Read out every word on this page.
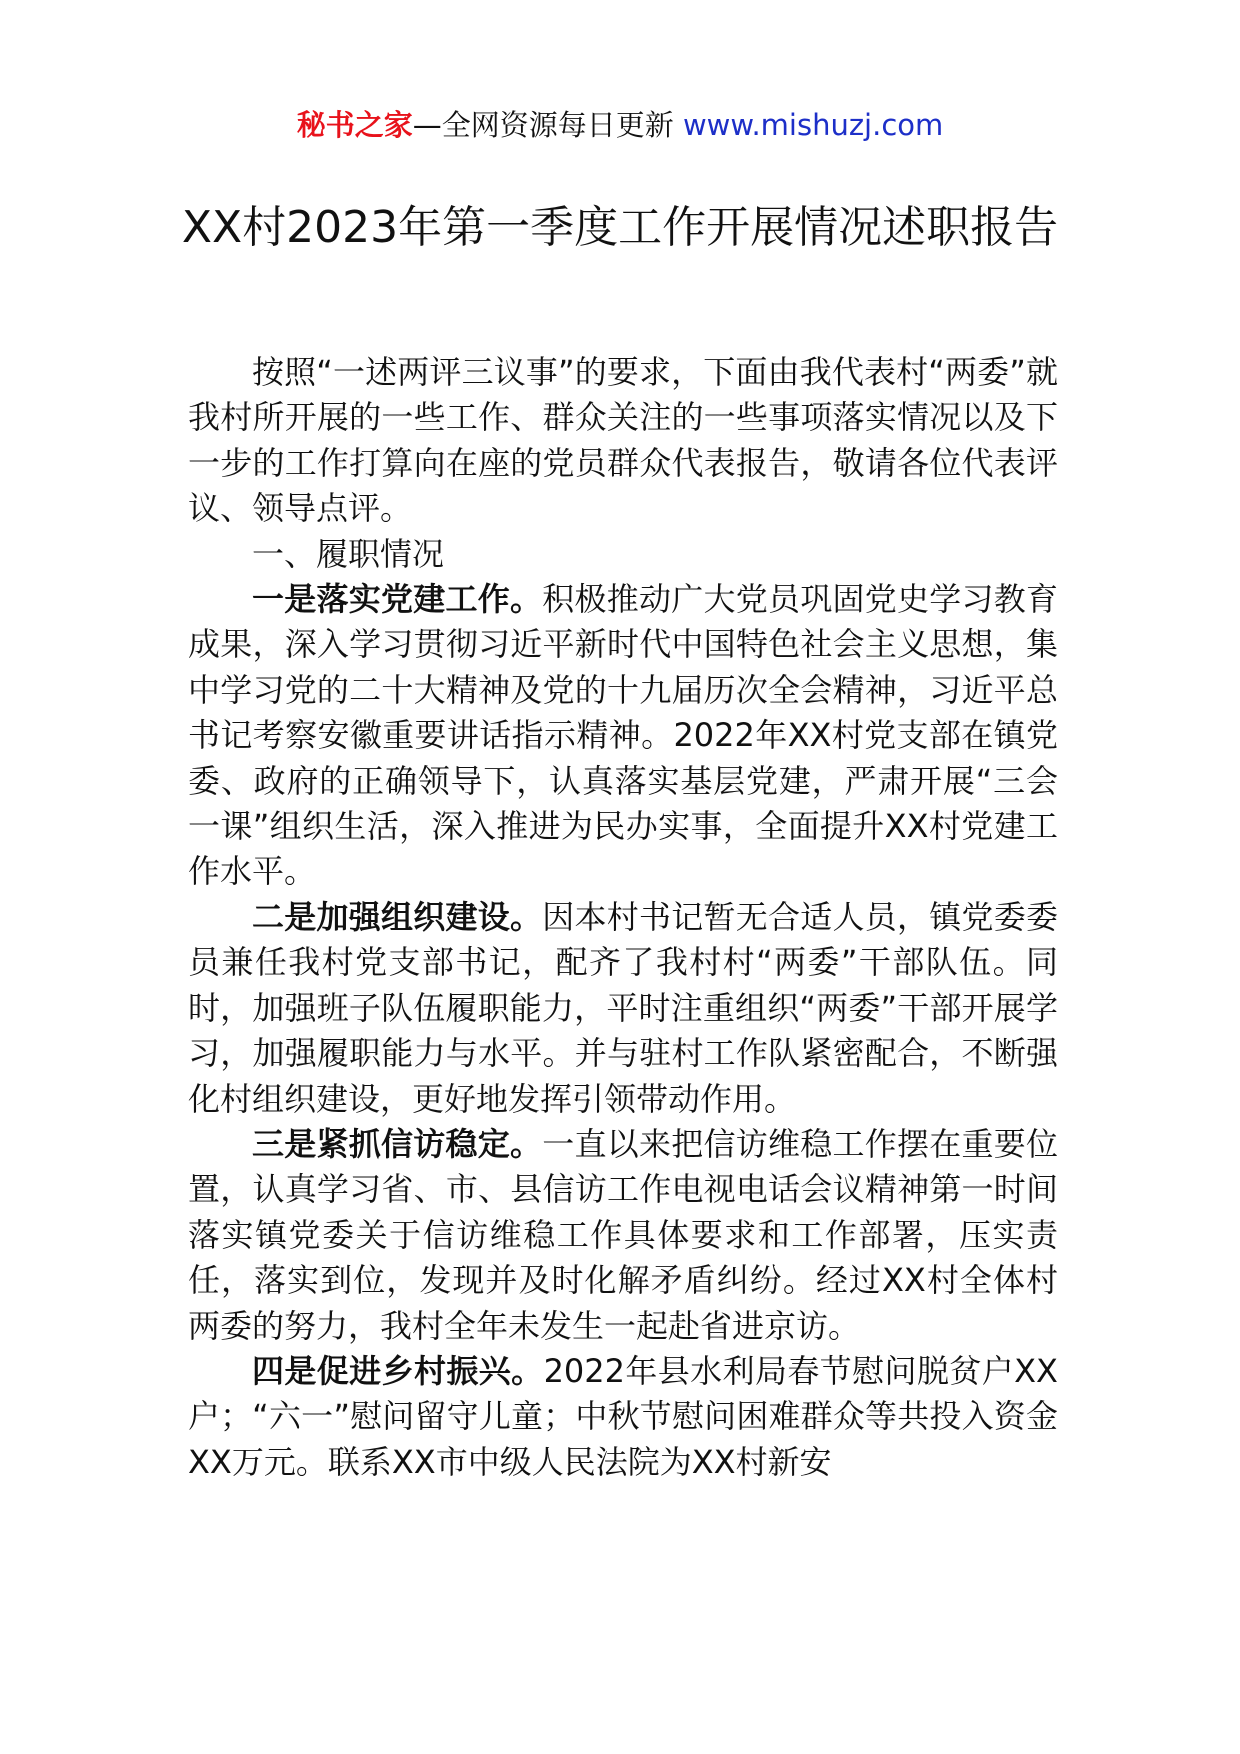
秘书之家—全网资源每日更新 www.mishuzj.com
XX村2023年第一季度工作开展情况述职报告

按照“一述两评三议事”的要求，下面由我代表村“两委”就我村所开展的一些工作、群众关注的一些事项落实情况以及下一步的工作打算向在座的党员群众代表报告，敬请各位代表评议、领导点评。

一、履职情况

一是落实党建工作。积极推动广大党员巩固党史学习教育成果，深入学习贯彻习近平新时代中国特色社会主义思想，集中学习党的二十大精神及党的十九届历次全会精神，习近平总书记考察安徽重要讲话指示精神。2022年XX村党支部在镇党委、政府的正确领导下，认真落实基层党建，严肃开展“三会一课”组织生活，深入推进为民办实事，全面提升XX村党建工作水平。

二是加强组织建设。因本村书记暂无合适人员，镇党委委员兼任我村党支部书记，配齐了我村村“两委”干部队伍。同时，加强班子队伍履职能力，平时注重组织“两委”干部开展学习，加强履职能力与水平。并与驻村工作队紧密配合，不断强化村组织建设，更好地发挥引领带动作用。

三是紧抓信访稳定。一直以来把信访维稳工作摆在重要位置，认真学习省、市、县信访工作电视电话会议精神第一时间落实镇党委关于信访维稳工作具体要求和工作部署，压实责任，落实到位，发现并及时化解矛盾纠纷。经过XX村全体村两委的努力，我村全年未发生一起赴省进京访。

四是促进乡村振兴。2022年县水利局春节慰问脱贫户XX户；“六一”慰问留守儿童；中秋节慰问困难群众等共投入资金XX万元。联系XX市中级人民法院为XX村新安
